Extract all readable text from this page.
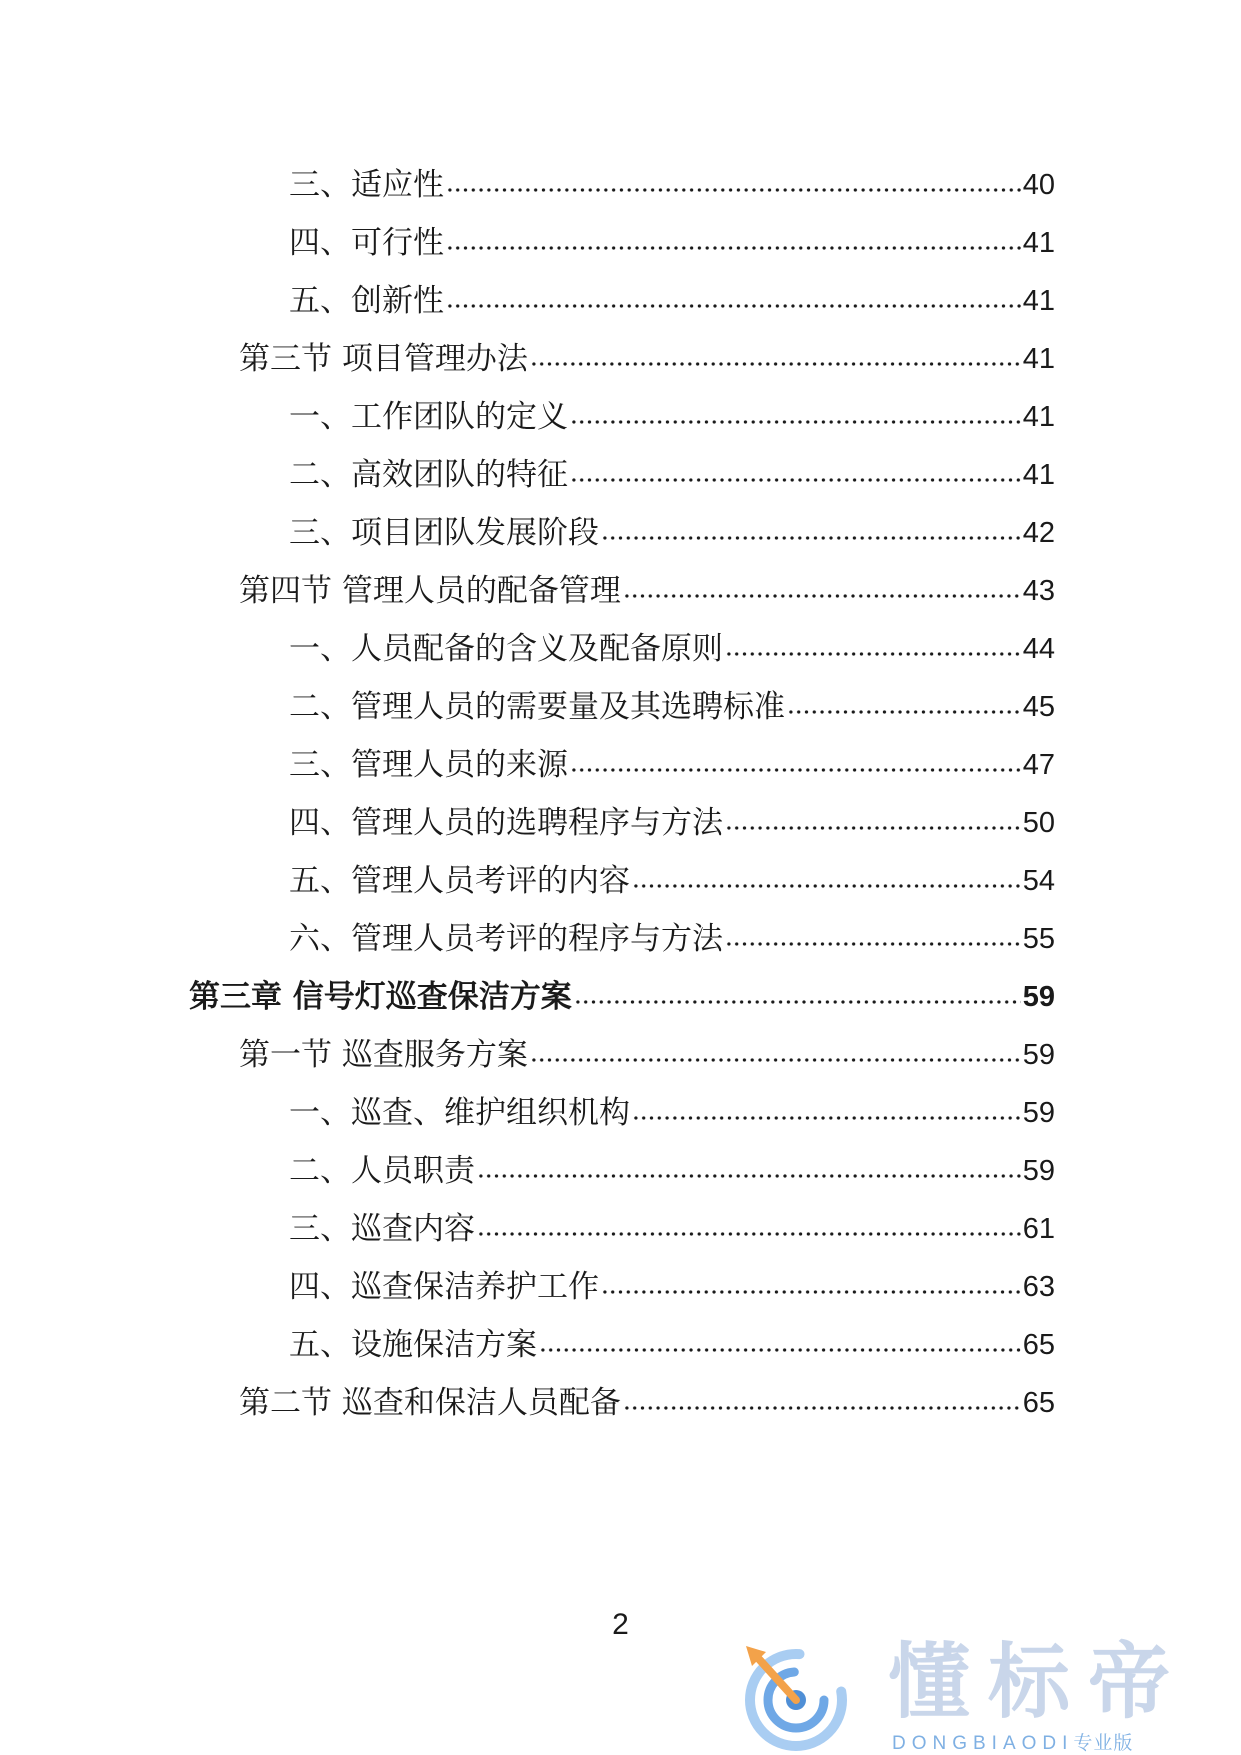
三、适应性	40
四、可行性	41
五、创新性	41
第三节 项目管理办法	41
一、工作团队的定义	41
二、高效团队的特征	41
三、项目团队发展阶段	42
第四节 管理人员的配备管理	43
一、人员配备的含义及配备原则	44
二、管理人员的需要量及其选聘标准	45
三、管理人员的来源	47
四、管理人员的选聘程序与方法	50
五、管理人员考评的内容	54
六、管理人员考评的程序与方法	55
第三章 信号灯巡查保洁方案	59
第一节 巡查服务方案	59
一、巡查、维护组织机构	59
二、人员职责	59
三、巡查内容	61
四、巡查保洁养护工作	63
五、设施保洁方案	65
第二节 巡查和保洁人员配备	65
2
懂标帝
DONGBIAODI专业版
